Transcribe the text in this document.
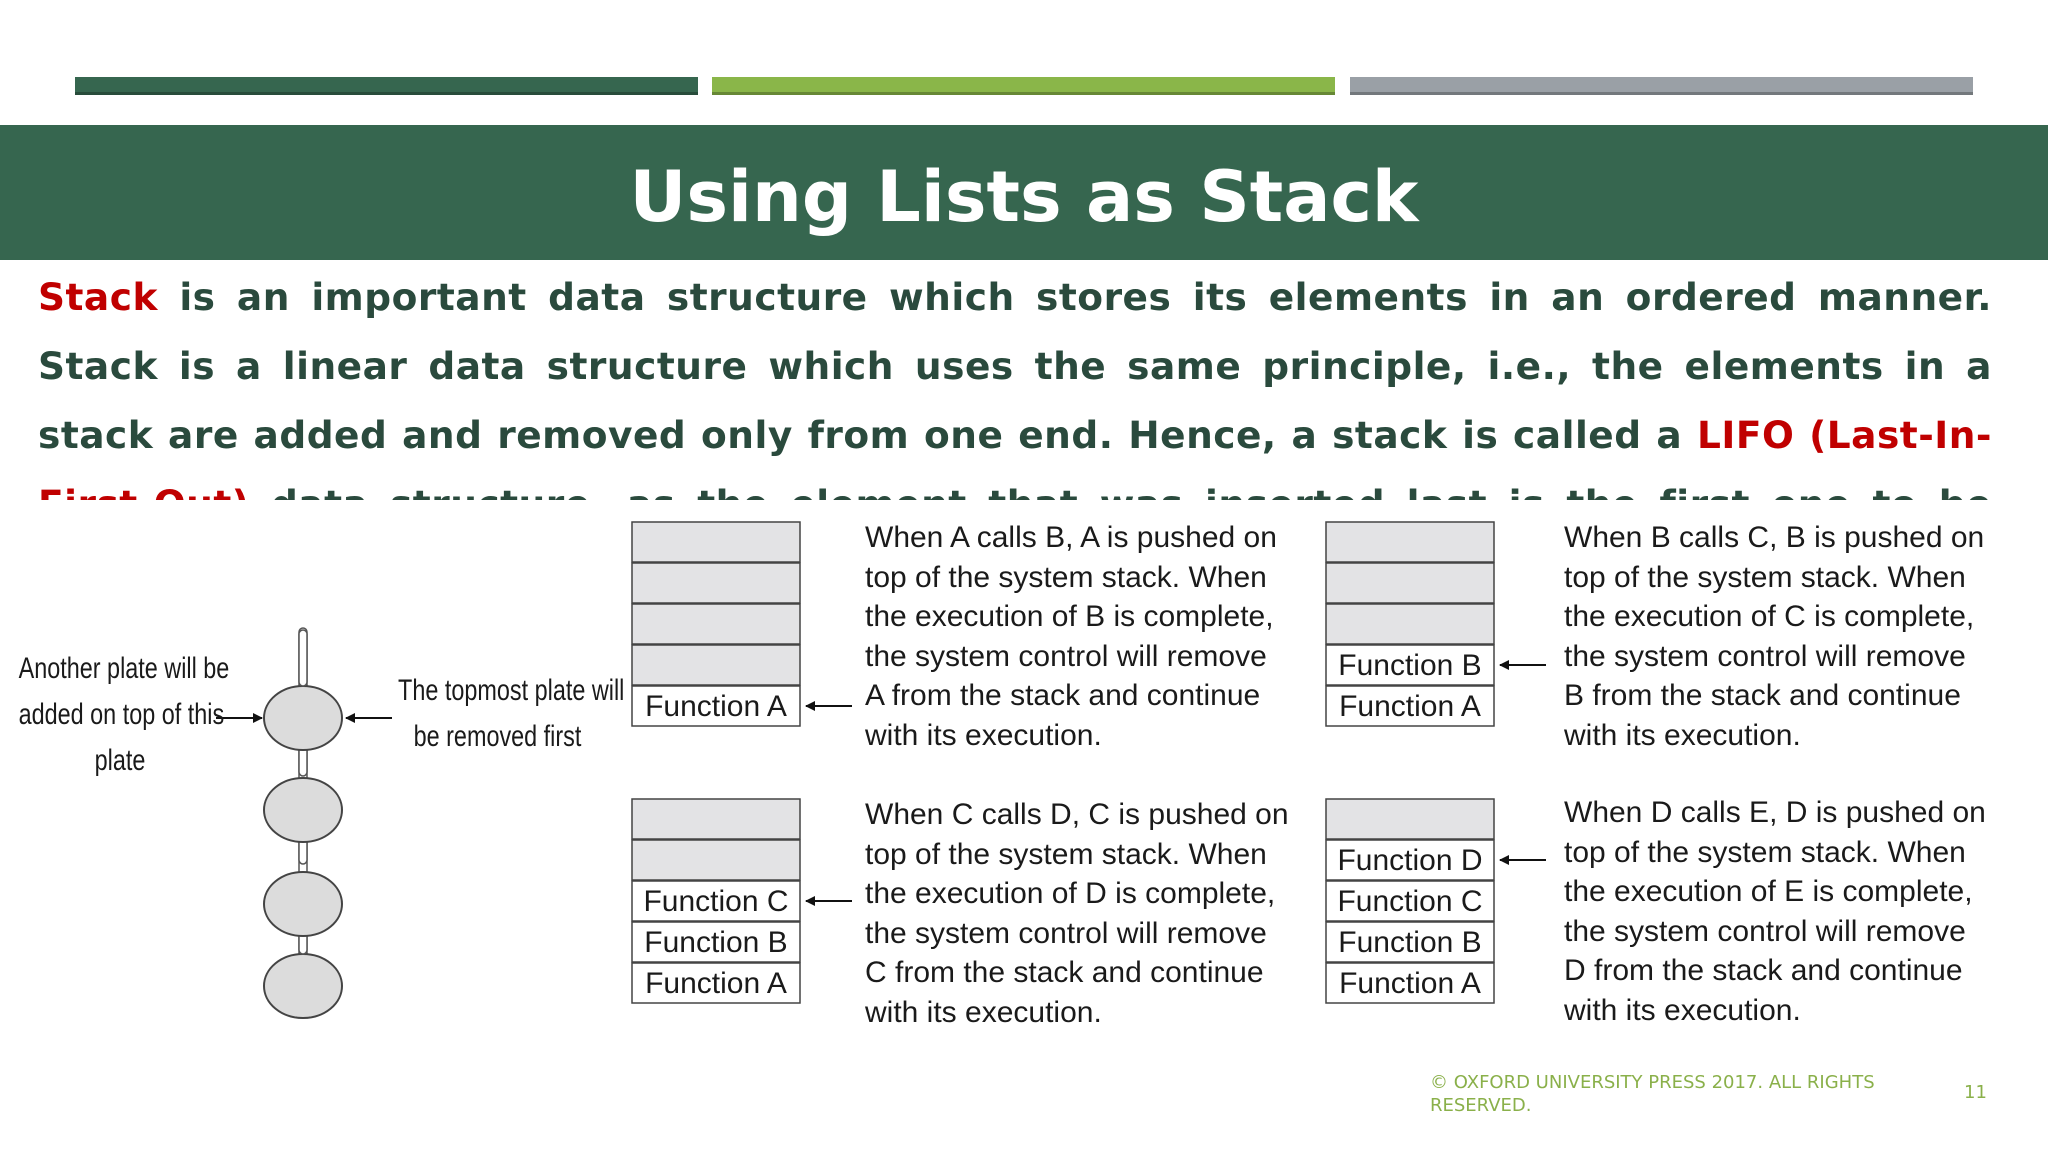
Using Lists as Stack
Stack is an important data structure which stores its elements in an ordered manner. Stack is a linear data structure which uses the same principle, i.e., the elements in a stack are added and removed only from one end. Hence, a stack is called a LIFO (Last-In-
Another plate will be
added on top of this
plate
The topmost plate will
be removed first
Function A
When A calls B, A is pushed on
top of the system stack. When
the execution of B is complete,
the system control will remove
A from the stack and continue
with its execution.
Function B
Function A
When B calls C, B is pushed on
top of the system stack. When
the execution of C is complete,
the system control will remove
B from the stack and continue
with its execution.
Function C
Function B
Function A
When C calls D, C is pushed on
top of the system stack. When
the execution of D is complete,
the system control will remove
C from the stack and continue
with its execution.
Function D
Function C
Function B
Function A
When D calls E, D is pushed on
top of the system stack. When
the execution of E is complete,
the system control will remove
D from the stack and continue
with its execution.
© OXFORD UNIVERSITY PRESS 2017. ALL RIGHTS RESERVED.
11
